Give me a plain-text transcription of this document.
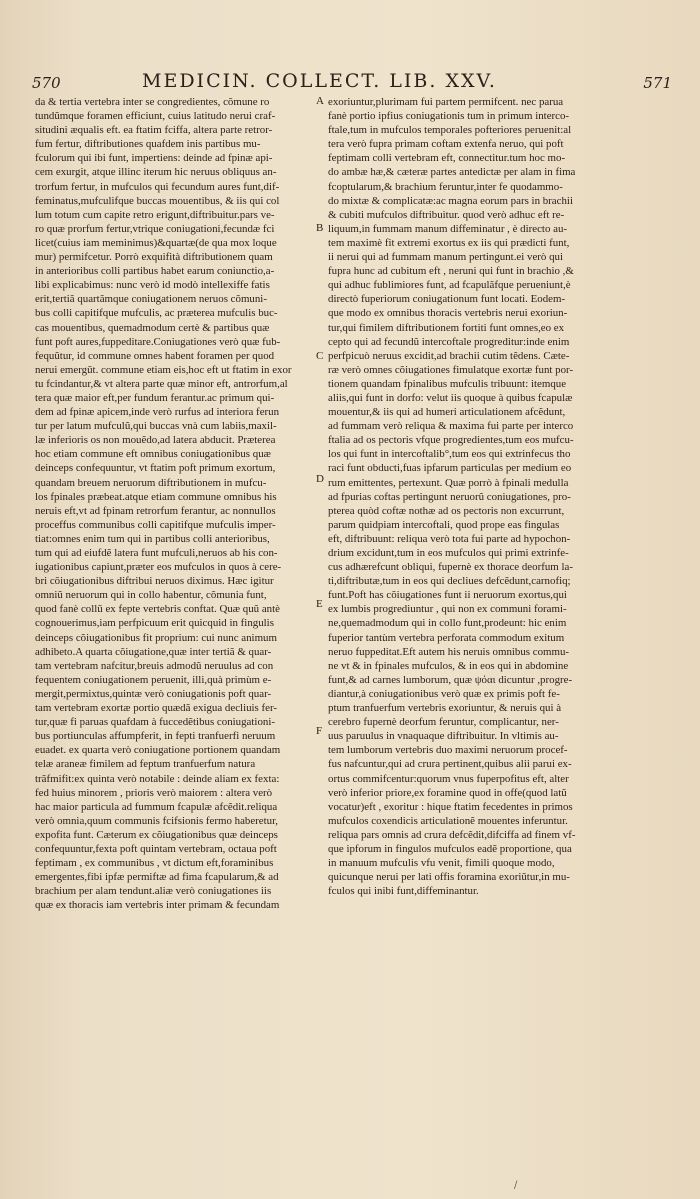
570	MEDICIN. COLLECT. LIB. XXV.	571
da & tertia vertebra inter se congredientes, cõmune ro
tundũmque foramen efficiunt, cuius latitudo nerui craf-
situdini æqualis eft. ea ftatim fciffa, altera parte retror-
fum fertur, diftributiones quafdem inis partibus mu-
fculorum qui ibi funt, impertiens: deinde ad fpinæ api-
cem exurgit, atque illinc iterum hic neruus obliquus an-
trorfum fertur, in mufculos qui fecundum aures funt,dif-
feminatus,mufculifque buccas mouentibus, & iis qui col
lum totum cum capite retro erigunt,diftribuitur.pars ve-
ro quæ prorfum fertur,vtrique coniugationi,fecundæ fci
licet(cuius iam meminimus)&quartæ(de qua mox loque
mur) permifcetur. Porrò exquifità diftributionem quam
in anterioribus colli partibus habet earum coniunctio,a-
libi explicabimus: nunc verò id modò intellexiffe fatis
erit,tertiã quartãmque coniugationem neruos cõmuni-
bus colli capitifque mufculis, ac præterea mufculis buc-
cas mouentibus, quemadmodum certè & partibus quæ
funt poft aures,fuppeditare.Coniugationes verò quæ fub-
fequũtur, id commune omnes habent foramen per quod
nerui emergũt. commune etiam eis,hoc eft ut ftatim in exor
tu fcindantur,& vt altera parte quæ minor eft, antrorfum,al
tera quæ maior eft,per fundum ferantur.ac primum qui-
dem ad fpinæ apicem,inde verò rurfus ad interiora ferun
tur per latum mufculũ,qui buccas vnà cum labiis,maxil-
læ inferioris os non mouẽdo,ad latera abducit. Præterea
hoc etiam commune eft omnibus coniugationibus quæ
deinceps confequuntur, vt ftatim poft primum exortum,
quandam breuem neruorum diftributionem in mufcu-
los fpinales præbeat.atque etiam commune omnibus his
neruis eft,vt ad fpinam retrorfum ferantur, ac nonnullos
proceffus communibus colli capitifque mufculis imper-
tiat:omnes enim tum qui in partibus colli anterioribus,
tum qui ad eiufdẽ latera funt mufculi,neruos ab his con-
iugationibus capiunt,præter eos mufculos in quos à cere-
bri cõiugationibus diftribui neruos diximus. Hæc igitur
omniũ neruorum qui in collo habentur, cõmunia funt,
quod fanè collũ ex fepte vertebris conftat. Quæ quũ antè
cognouerimus,iam perfpicuum erit quicquid in fingulis
deinceps cõiugationibus fit proprium: cui nunc animum
adhibeto.A quarta cõiugatione,quæ inter tertiã & quar-
tam vertebram nafcitur,breuis admodũ neruulus ad con
fequentem coniugationem peruenit, illi,quà primùm e-
mergit,permixtus,quintæ verò coniugationis poft quar-
tam vertebram exortæ portio quædã exigua decliuis fer-
tur,quæ fi paruas quafdam à fuccedẽtibus coniugationi-
bus portiunculas affumpferit, in fepti tranfuerfi neruum
euadet. ex quarta verò coniugatione portionem quandam
telæ araneæ fimilem ad feptum tranfuerfum natura
trãfmifit:ex quinta verò notabile : deinde aliam ex fexta:
fed huius minorem , prioris verò maiorem : altera verò
hac maior particula ad fummum fcapulæ afcẽdit.reliqua
verò omnia,quum communis fcifsionis fermo haberetur,
expofita funt. Cæterum ex cõiugationibus quæ deinceps
confequuntur,fexta poft quintam vertebram, octaua poft
feptimam , ex communibus , vt dictum eft,foraminibus
emergentes,fibi ipfæ permiftæ ad fima fcapularum,& ad
brachium per alam tendunt.aliæ verò coniugationes iis
quæ ex thoracis iam vertebris inter primam & fecundam
exoriuntur,plurimam fui partem permifcent. nec parua
fanè portio ipfius coniugationis tum in primum interco-
ftale,tum in mufculos temporales pofteriores peruenit:al
tera verò fupra primam coftam extenfa neruo, qui poft
feptimam colli vertebram eft, connectitur.tum hoc mo-
do ambæ hæ,& cæteræ partes antedictæ per alam in fima
fcoptularum,& brachium feruntur,inter fe quodammo-
do mixtæ & complicatæ:ac magna eorum pars in brachii
& cubiti mufculos diftribuitur. quod verò adhuc eft re-
liquum,in fummam manum diffeminatur , è directo au-
tem maximè fit extremi exortus ex iis qui prædicti funt,
ii nerui qui ad fummam manum pertingunt.ei verò qui
fupra hunc ad cubitum eft , neruni qui funt in brachio ,&
qui adhuc fublimiores funt, ad fcapulãfque perueniunt,è
directò fuperiorum coniugationum funt locati. Eodem-
que modo ex omnibus thoracis vertebris nerui exoriun-
tur,qui fimilem diftributionem fortiti funt omnes,eo ex
cepto qui ad fecundũ intercoftale progreditur:inde enim
perfpicuò neruus excidit,ad brachii cutim tẽdens. Cæte-
ræ verò omnes cõiugationes fimulatque exortæ funt por-
tionem quandam fpinalibus mufculis tribuunt: itemque
aliis,qui funt in dorfo: velut iis quoque à quibus fcapulæ
mouentur,& iis qui ad humeri articulationem afcẽdunt,
ad fummam verò reliqua & maxima fui parte per interco
ftalia ad os pectoris vfque progredientes,tum eos mufcu-
los qui funt in intercoftalib°,tum eos qui extrinfecus tho
raci funt obducti,fuas ipfarum particulas per medium eo
rum emittentes, pertexunt. Quæ porrò à fpinali medulla
ad fpurias coftas pertingunt neruorũ coniugationes, pro-
pterea quòd coftæ nothæ ad os pectoris non excurrunt,
parum quidpiam intercoftali, quod prope eas fingulas
eft, diftribuunt: reliqua verò tota fui parte ad hypochon-
drium excidunt,tum in eos mufculos qui primi extrinfe-
cus adhærefcunt obliqui, fupernè ex thorace deorfum la-
ti,diftributæ,tum in eos qui decliues defcẽdunt,carnofiq;
funt.Poft has cõiugationes funt ii neruorum exortus,qui
ex lumbis progrediuntur , qui non ex communi forami-
ne,quemadmodum qui in collo funt,prodeunt: hic enim
fuperior tantùm vertebra perforata commodum exitum
neruo fuppeditat.Eft autem his neruis omnibus commu-
ne vt & in fpinales mufculos, & in eos qui in abdomine
funt,& ad carnes lumborum, quæ ψόαι dicuntur ,progre-
diantur,à coniugationibus verò quæ ex primis poft fe-
ptum tranfuerfum vertebris exoriuntur, & neruis qui à
cerebro fupernè deorfum feruntur, complicantur, ner-
uus paruulus in vnaquaque diftribuitur. In vltimis au-
tem lumborum vertebris duo maximi neruorum procef-
fus nafcuntur,qui ad crura pertinent,quibus alii parui ex-
ortus commifcentur:quorum vnus fuperpofitus eft, alter
verò inferior priore,ex foramine quod in offe(quod latũ
vocatur)eft , exoritur : hique ftatim fecedentes in primos
mufculos coxendicis articulationẽ mouentes inferuntur.
reliqua pars omnis ad crura defcẽdit,difciffa ad finem vf-
que ipforum in fingulos mufculos eadẽ proportione, qua
in manuum mufculis vfu venit, fimili quoque modo,
quicunque nerui per lati offis foramina exoriũtur,in mu-
fculos qui inibi funt,diffeminantur.
A
B
C
D
E
F
/
